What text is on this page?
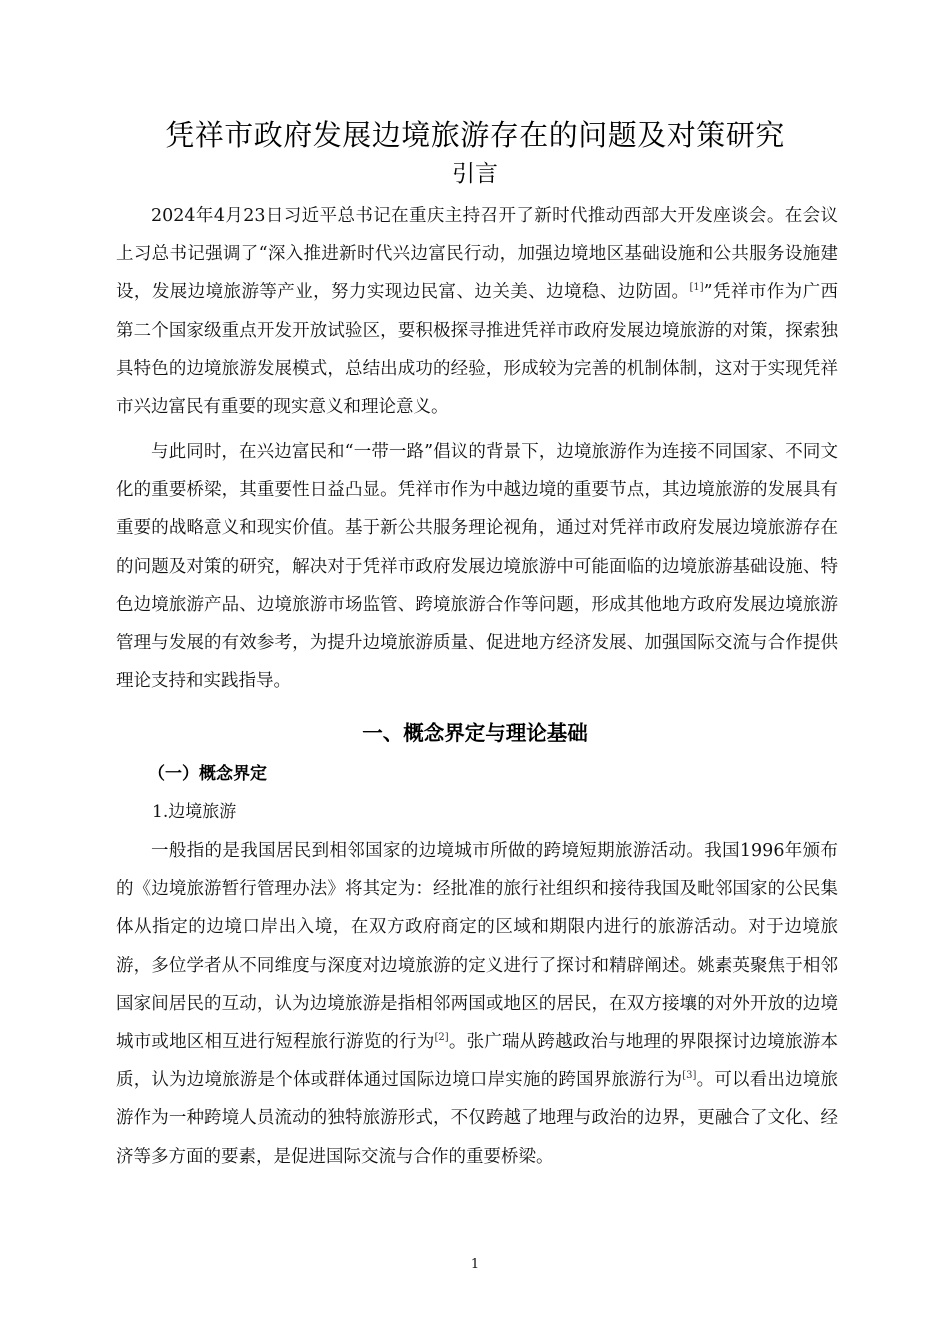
凭祥市政府发展边境旅游存在的问题及对策研究
引言

2024年4月23日习近平总书记在重庆主持召开了新时代推动西部大开发座谈会。在会议上习总书记强调了“深入推进新时代兴边富民行动，加强边境地区基础设施和公共服务设施建设，发展边境旅游等产业，努力实现边民富、边关美、边境稳、边防固。[1]”凭祥市作为广西第二个国家级重点开发开放试验区，要积极探寻推进凭祥市政府发展边境旅游的对策，探索独具特色的边境旅游发展模式，总结出成功的经验，形成较为完善的机制体制，这对于实现凭祥市兴边富民有重要的现实意义和理论意义。

与此同时，在兴边富民和“一带一路”倡议的背景下，边境旅游作为连接不同国家、不同文化的重要桥梁，其重要性日益凸显。凭祥市作为中越边境的重要节点，其边境旅游的发展具有重要的战略意义和现实价值。基于新公共服务理论视角，通过对凭祥市政府发展边境旅游存在的问题及对策的研究，解决对于凭祥市政府发展边境旅游中可能面临的边境旅游基础设施、特色边境旅游产品、边境旅游市场监管、跨境旅游合作等问题，形成其他地方政府发展边境旅游管理与发展的有效参考，为提升边境旅游质量、促进地方经济发展、加强国际交流与合作提供理论支持和实践指导。

一、概念界定与理论基础
（一）概念界定
1.边境旅游

一般指的是我国居民到相邻国家的边境城市所做的跨境短期旅游活动。我国1996年颁布的《边境旅游暂行管理办法》将其定为：经批准的旅行社组织和接待我国及毗邻国家的公民集体从指定的边境口岸出入境，在双方政府商定的区域和期限内进行的旅游活动。对于边境旅游，多位学者从不同维度与深度对边境旅游的定义进行了探讨和精辟阐述。姚素英聚焦于相邻国家间居民的互动，认为边境旅游是指相邻两国或地区的居民，在双方接壤的对外开放的边境城市或地区相互进行短程旅行游览的行为[2]。张广瑞从跨越政治与地理的界限探讨边境旅游本质，认为边境旅游是个体或群体通过国际边境口岸实施的跨国界旅游行为[3]。可以看出边境旅游作为一种跨境人员流动的独特旅游形式，不仅跨越了地理与政治的边界，更融合了文化、经济等多方面的要素，是促进国际交流与合作的重要桥梁。

1
